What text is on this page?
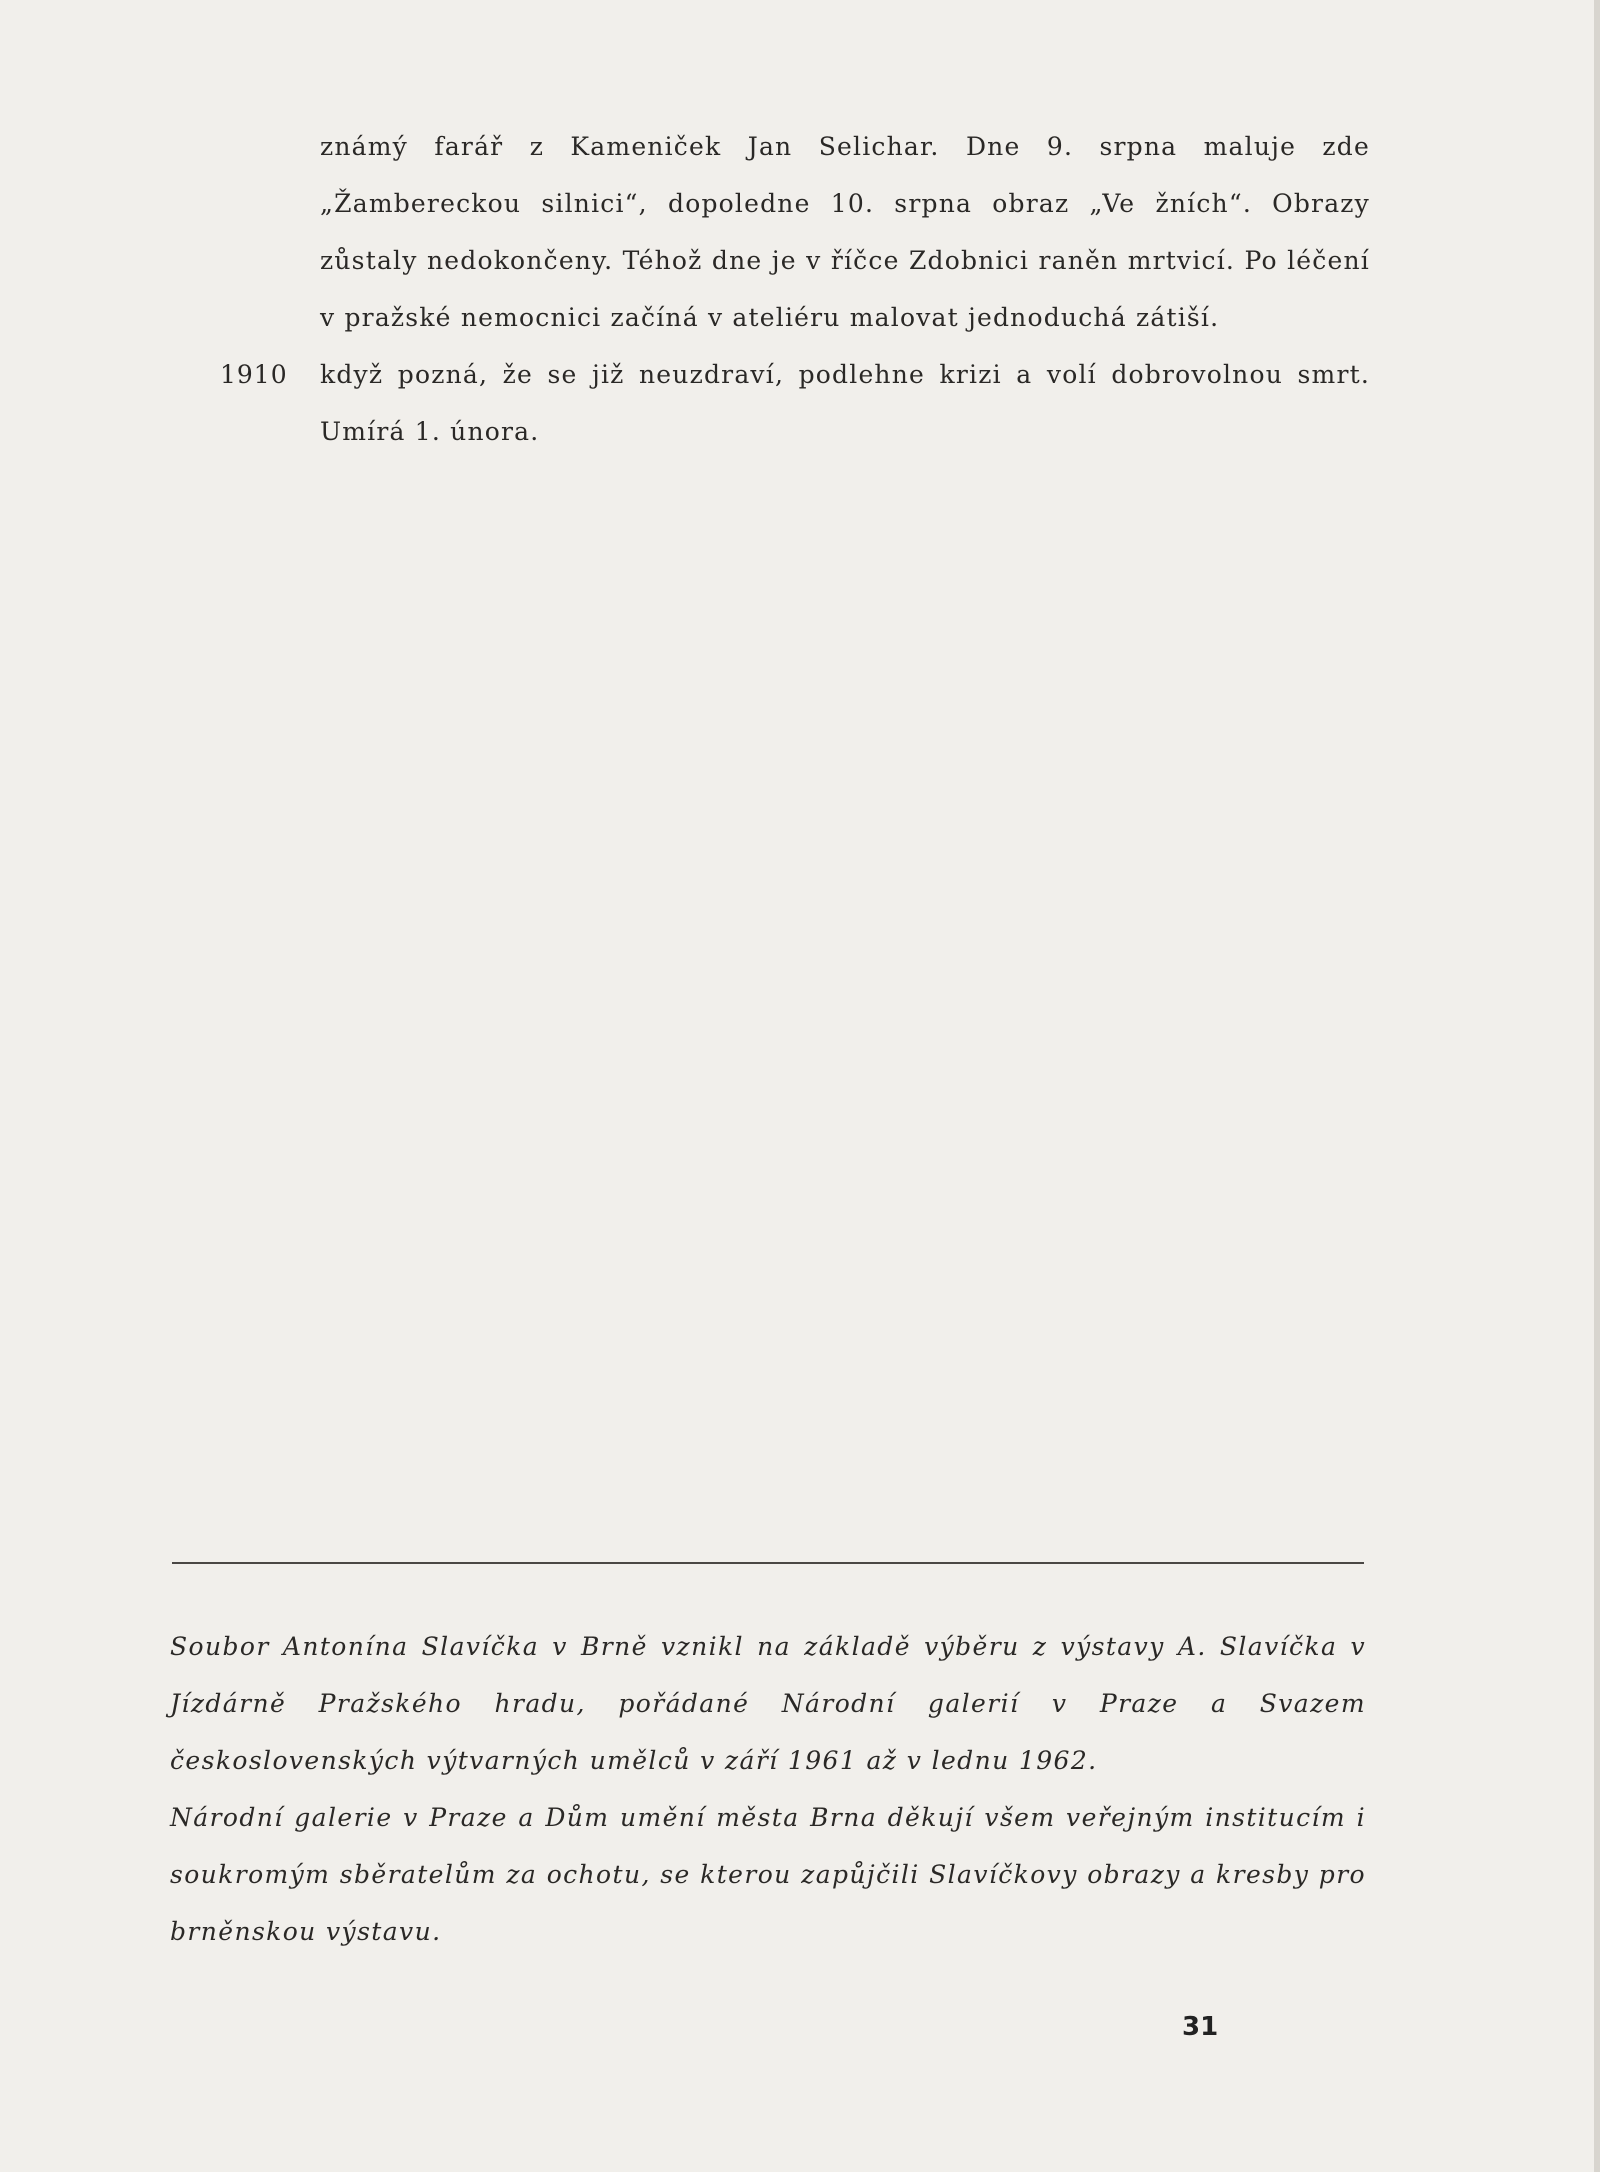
známý farář z Kameniček Jan Selichar. Dne 9. srpna maluje zde „Žambereckou silnici“, dopoledne 10. srpna obraz „Ve žních“. Obrazy zůstaly nedokončeny. Téhož dne je v říčce Zdobnici raněn mrtvicí. Po léčení v pražské nemocnici začíná v ateliéru malovat jednoduchá zátiší.

1910 když pozná, že se již neuzdraví, podlehne krizi a volí dobrovolnou smrt. Umírá 1. února.

Soubor Antonína Slavíčka v Brně vznikl na základě výběru z výstavy A. Slavíčka v Jízdárně Pražského hradu, pořádané Národní galerií v Praze a Svazem československých výtvarných umělců v září 1961 až v lednu 1962.

Národní galerie v Praze a Dům umění města Brna děkují všem veřejným institucím i soukromým sběratelům za ochotu, se kterou zapůjčili Slavíčkovy obrazy a kresby pro brněnskou výstavu.

31
